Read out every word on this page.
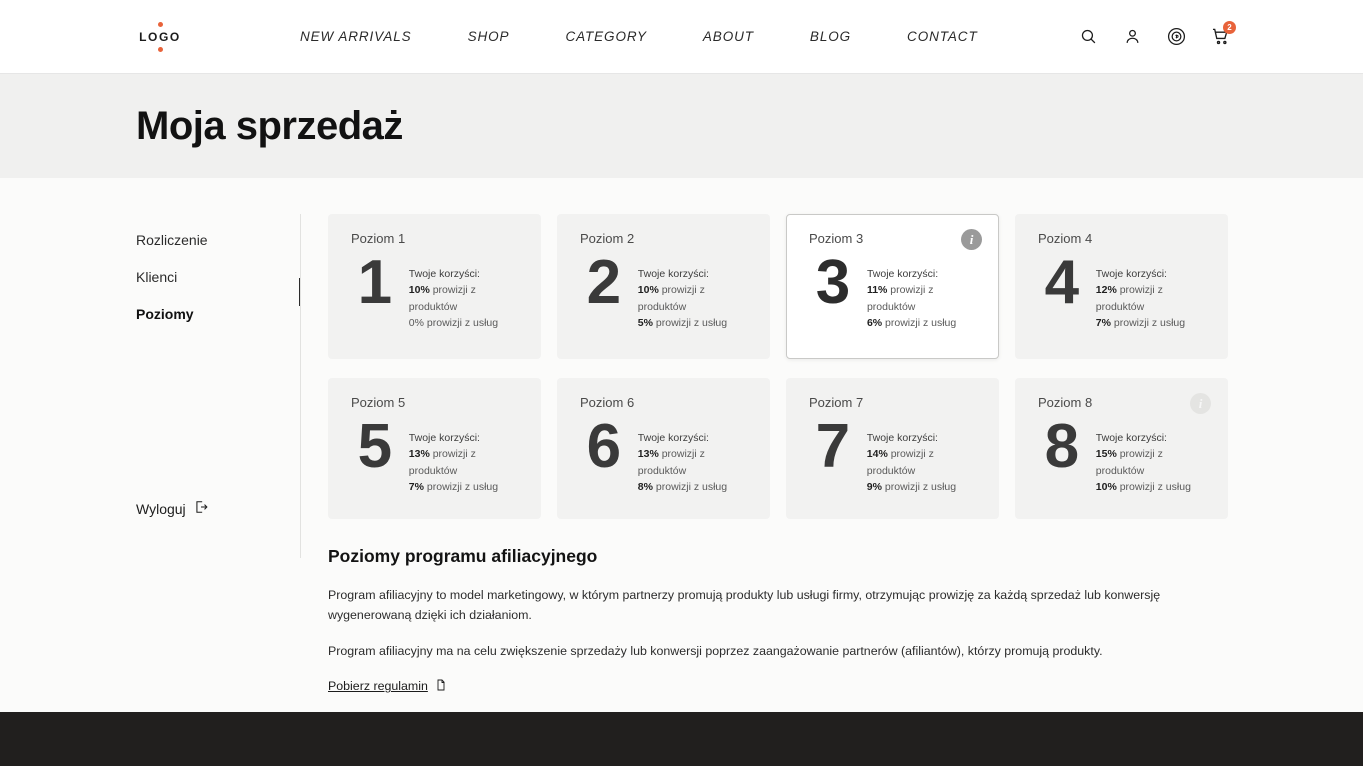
LOGO	NEW ARRIVALS	SHOP	CATEGORY	ABOUT	BLOG	CONTACT
2
Moja sprzedaż
Rozliczenie
Klienci
Poziomy
Wyloguj
Poziom 1
1	Twoje korzyści:
10% prowizji z produktów
0% prowizji z usług
Poziom 2
2	Twoje korzyści:
10% prowizji z produktów
5% prowizji z usług
Poziom 3	i
3	Twoje korzyści:
11% prowizji z produktów
6% prowizji z usług
Poziom 4
4	Twoje korzyści:
12% prowizji z produktów
7% prowizji z usług
Poziom 5
5	Twoje korzyści:
13% prowizji z produktów
7% prowizji z usług
Poziom 6
6	Twoje korzyści:
13% prowizji z produktów
8% prowizji z usług
Poziom 7
7	Twoje korzyści:
14% prowizji z produktów
9% prowizji z usług
Poziom 8	i
8	Twoje korzyści:
15% prowizji z produktów
10% prowizji z usług
Poziomy programu afiliacyjnego

Program afiliacyjny to model marketingowy, w którym partnerzy promują produkty lub usługi firmy, otrzymując prowizję za każdą sprzedaż lub konwersję wygenerowaną dzięki ich działaniom.

Program afiliacyjny ma na celu zwiększenie sprzedaży lub konwersji poprzez zaangażowanie partnerów (afiliantów), którzy promują produkty.

Pobierz regulamin
